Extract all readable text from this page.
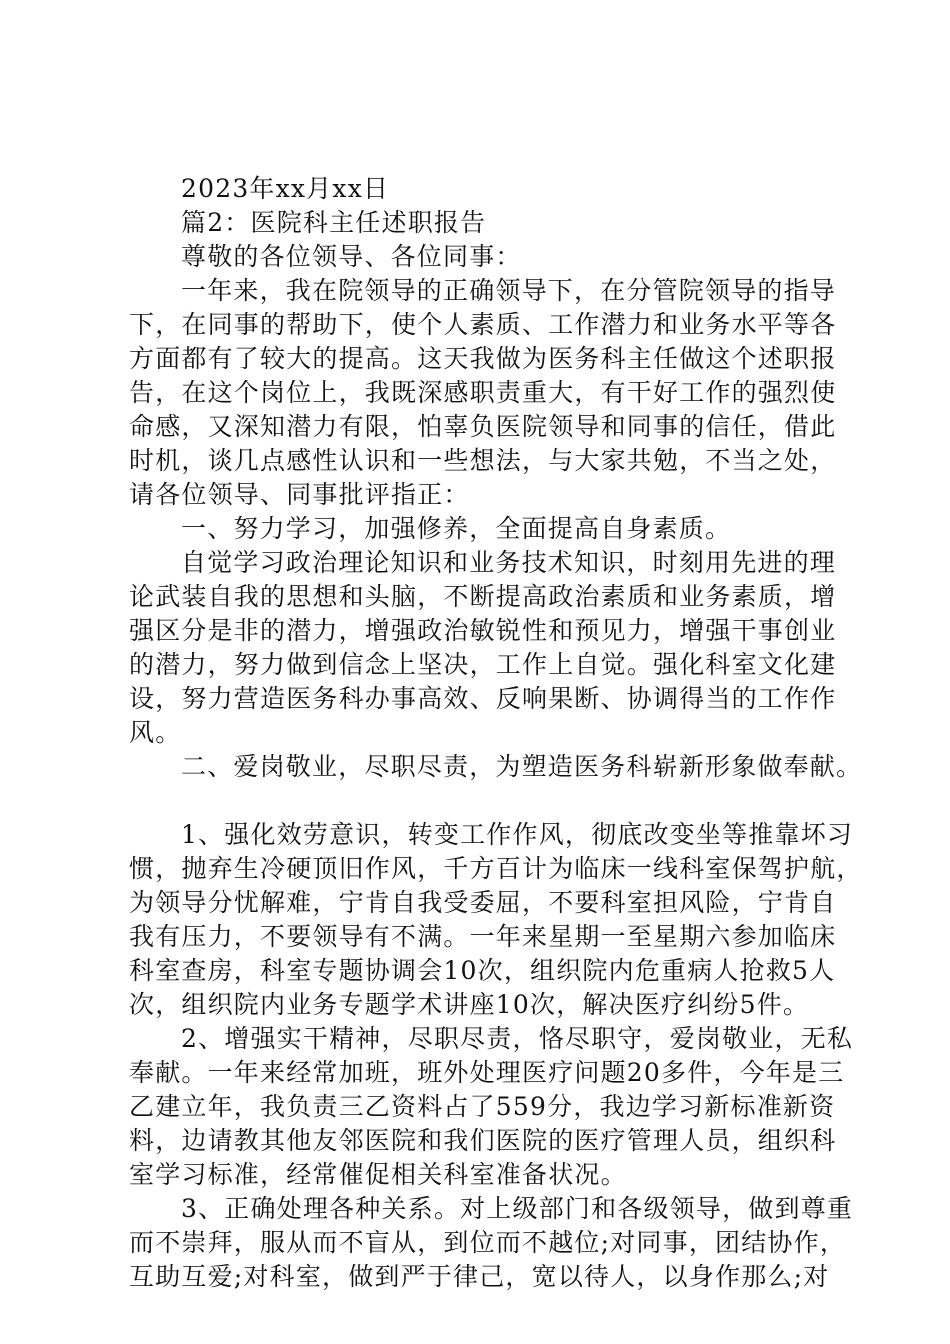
2023年xx月xx日
篇2：医院科主任述职报告
尊敬的各位领导、各位同事：
一年来，我在院领导的正确领导下，在分管院领导的指导
下，在同事的帮助下，使个人素质、工作潜力和业务水平等各
方面都有了较大的提高。这天我做为医务科主任做这个述职报
告，在这个岗位上，我既深感职责重大，有干好工作的强烈使
命感，又深知潜力有限，怕辜负医院领导和同事的信任，借此
时机，谈几点感性认识和一些想法，与大家共勉，不当之处，
请各位领导、同事批评指正：
一、努力学习，加强修养，全面提高自身素质。
自觉学习政治理论知识和业务技术知识，时刻用先进的理
论武装自我的思想和头脑，不断提高政治素质和业务素质，增
强区分是非的潜力，增强政治敏锐性和预见力，增强干事创业
的潜力，努力做到信念上坚决，工作上自觉。强化科室文化建
设，努力营造医务科办事高效、反响果断、协调得当的工作作
风。
二、爱岗敬业，尽职尽责，为塑造医务科崭新形象做奉献。
1、强化效劳意识，转变工作作风，彻底改变坐等推靠坏习
惯，抛弃生冷硬顶旧作风，千方百计为临床一线科室保驾护航，
为领导分忧解难，宁肯自我受委屈，不要科室担风险，宁肯自
我有压力，不要领导有不满。一年来星期一至星期六参加临床
科室查房，科室专题协调会10次，组织院内危重病人抢救5人
次，组织院内业务专题学术讲座10次，解决医疗纠纷5件。
2、增强实干精神，尽职尽责，恪尽职守，爱岗敬业，无私
奉献。一年来经常加班，班外处理医疗问题20多件，今年是三
乙建立年，我负责三乙资料占了559分，我边学习新标准新资
料，边请教其他友邻医院和我们医院的医疗管理人员，组织科
室学习标准，经常催促相关科室准备状况。
3、正确处理各种关系。对上级部门和各级领导，做到尊重
而不崇拜，服从而不盲从，到位而不越位;对同事，团结协作，
互助互爱;对科室，做到严于律己，宽以待人，以身作那么;对
